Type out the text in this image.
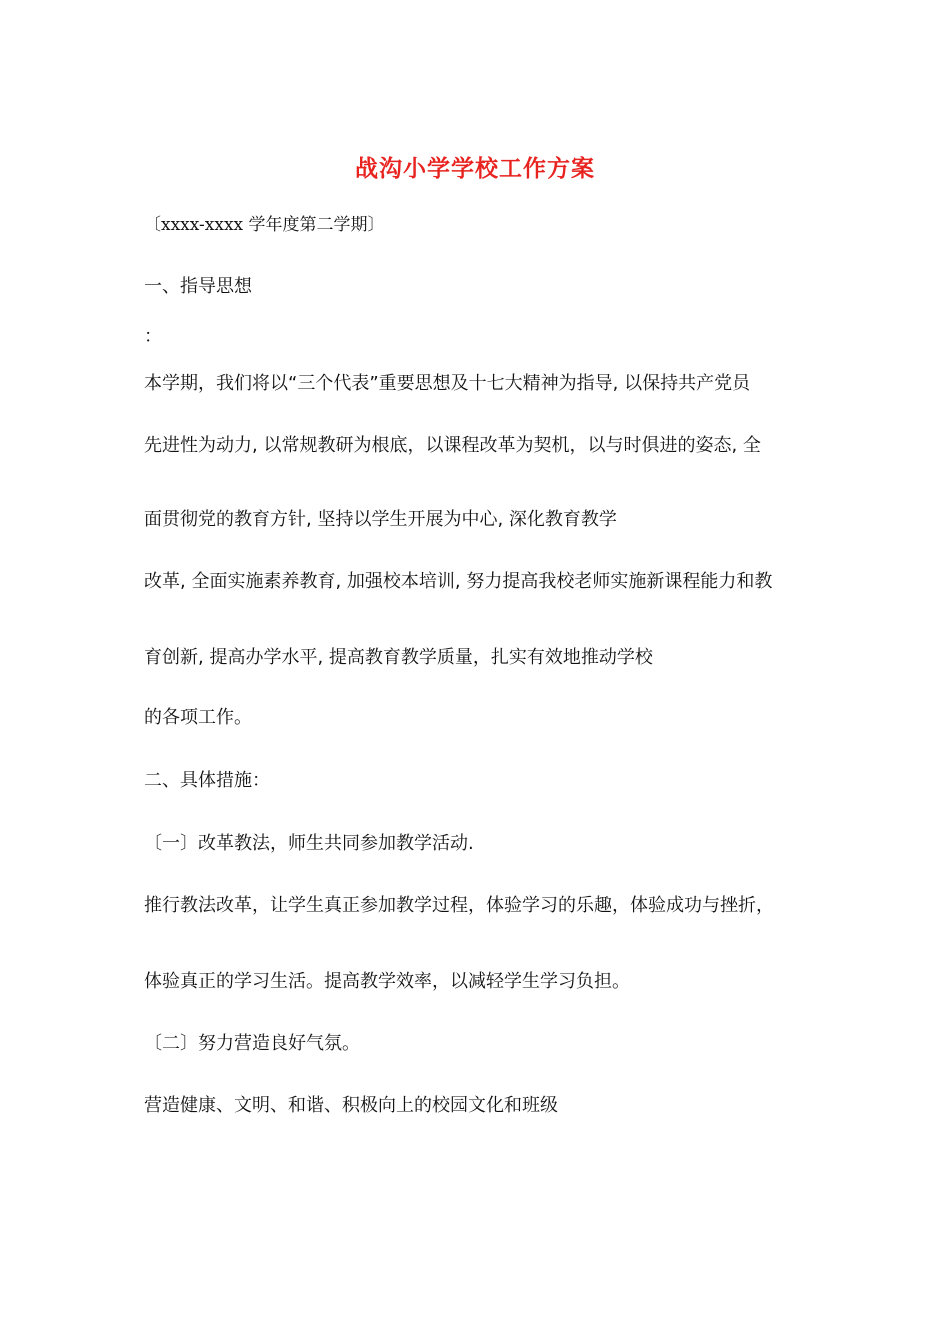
战沟小学学校工作方案
〔xxxx-xxxx 学年度第二学期〕
一、指导思想
：
本学期，我们将以“三个代表”重要思想及十七大精神为指导, 以保持共产党员
先进性为动力, 以常规教研为根底，以课程改革为契机，以与时俱进的姿态, 全
面贯彻党的教育方针, 坚持以学生开展为中心, 深化教育教学
改革, 全面实施素养教育, 加强校本培训, 努力提高我校老师实施新课程能力和教
育创新, 提高办学水平, 提高教育教学质量，扎实有效地推动学校
的各项工作。
二、具体措施：
〔一〕改革教法，师生共同参加教学活动.
推行教法改革，让学生真正参加教学过程，体验学习的乐趣，体验成功与挫折，
体验真正的学习生活。提高教学效率，以减轻学生学习负担。
〔二〕努力营造良好气氛。
营造健康、文明、和谐、积极向上的校园文化和班级
